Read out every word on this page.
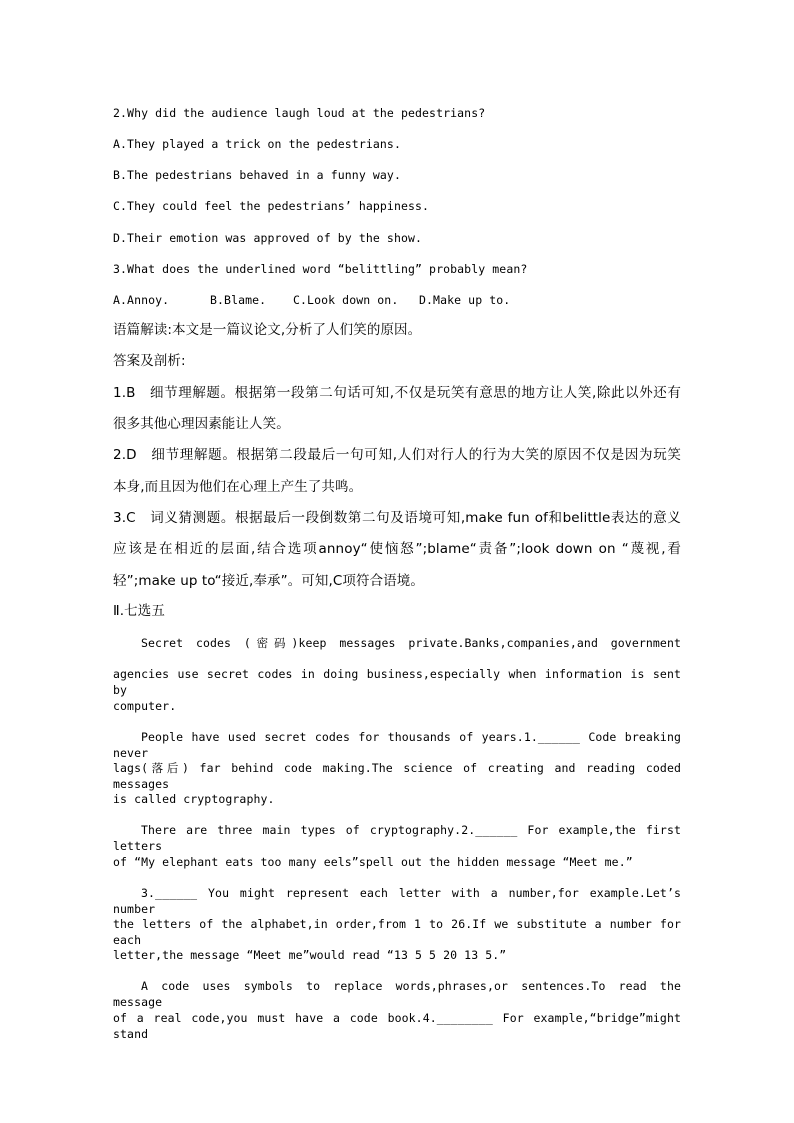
2.Why did the audience laugh loud at the pedestrians?
A.They played a trick on the pedestrians.
B.The pedestrians behaved in a funny way.
C.They could feel the pedestrians’ happiness.
D.Their emotion was approved of by the show.
3.What does the underlined word “belittling” probably mean?
A.Annoy.	B.Blame. C.Look down on. D.Make up to.
语篇解读:本文是一篇议论文,分析了人们笑的原因。
答案及剖析:
1.B　细节理解题。根据第一段第二句话可知,不仅是玩笑有意思的地方让人笑,除此以外还有
很多其他心理因素能让人笑。
2.D　细节理解题。根据第二段最后一句可知,人们对行人的行为大笑的原因不仅是因为玩笑
本身,而且因为他们在心理上产生了共鸣。
3.C　词义猜测题。根据最后一段倒数第二句及语境可知,make fun of和belittle表达的意义
应该是在相近的层面,结合选项annoy“使恼怒”;blame“责备”;look down on “蔑视,看
轻”;make up to“接近,奉承”。可知,C项符合语境。
Ⅱ.七选五
Secret codes (密码)keep messages private.Banks,companies,and government
agencies use secret codes in doing business,especially when information is sent by
computer.
People have used secret codes for thousands of years.1.______ Code breaking never
lags(落后) far behind code making.The science of creating and reading coded messages
is called cryptography.
There are three main types of cryptography.2.______ For example,the first letters
of “My elephant eats too many eels”spell out the hidden message “Meet me.”
3.______ You might represent each letter with a number,for example.Let’s number
the letters of the alphabet,in order,from 1 to 26.If we substitute a number for each
letter,the message “Meet me”would read “13 5 5 20 13 5.”
A code uses symbols to replace words,phrases,or sentences.To read the message
of a real code,you must have a code book.4.________ For example,“bridge”might stand
